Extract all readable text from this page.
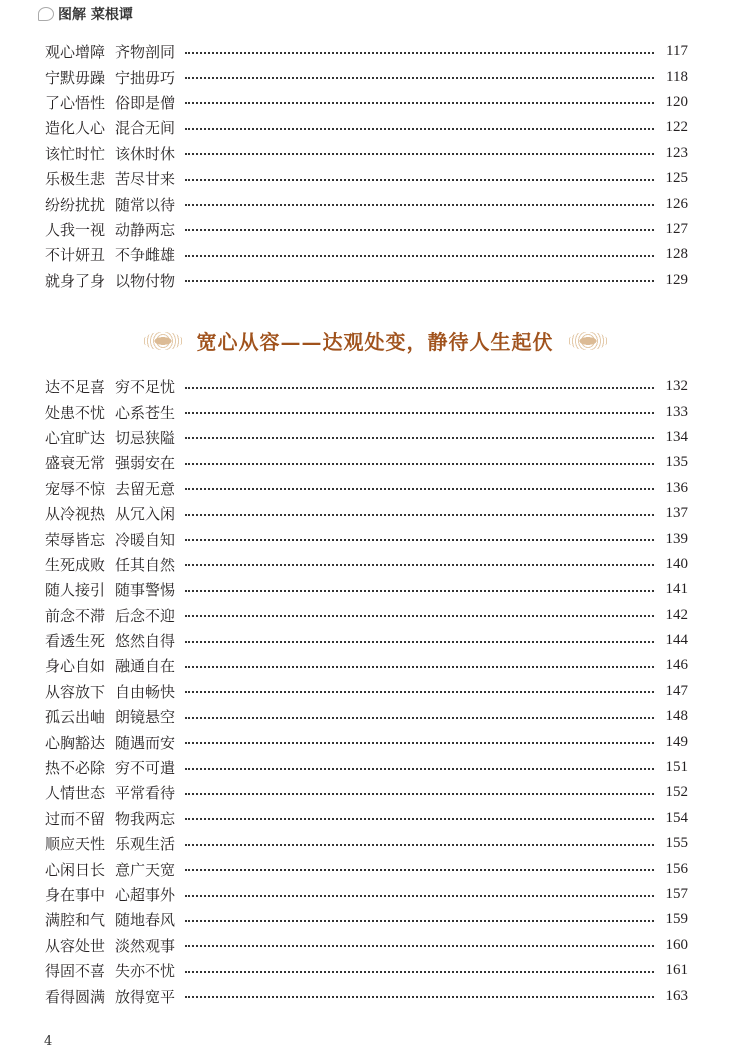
图解 菜根谭
观心增障 齐物剖同	117
宁默毋躁 宁拙毋巧	118
了心悟性 俗即是僧	120
造化人心 混合无间	122
该忙时忙 该休时休	123
乐极生悲 苦尽甘来	125
纷纷扰扰 随常以待	126
人我一视 动静两忘	127
不计妍丑 不争雌雄	128
就身了身 以物付物	129
宽心从容——达观处变，静待人生起伏
达不足喜 穷不足忧	132
处患不忧 心系苍生	133
心宜旷达 切忌狭隘	134
盛衰无常 强弱安在	135
宠辱不惊 去留无意	136
从冷视热 从冗入闲	137
荣辱皆忘 冷暖自知	139
生死成败 任其自然	140
随人接引 随事警惕	141
前念不滞 后念不迎	142
看透生死 悠然自得	144
身心自如 融通自在	146
从容放下 自由畅快	147
孤云出岫 朗镜悬空	148
心胸豁达 随遇而安	149
热不必除 穷不可遣	151
人情世态 平常看待	152
过而不留 物我两忘	154
顺应天性 乐观生活	155
心闲日长 意广天宽	156
身在事中 心超事外	157
满腔和气 随地春风	159
从容处世 淡然观事	160
得固不喜 失亦不忧	161
看得圆满 放得宽平	163
4
